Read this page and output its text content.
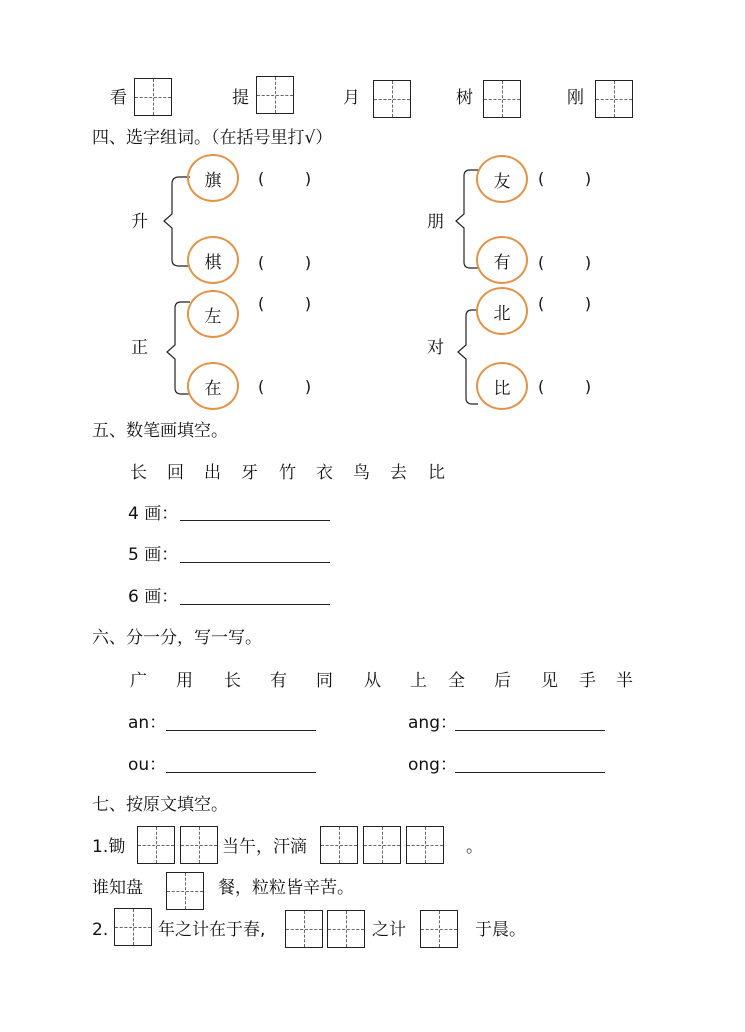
看	提	月	树	刚
四、选字组词。（在括号里打√）
升
旗 (        )
棋 (        )
朋
友 (        )
有 (        )
正
左
(        )
在 (        )
对
北 (        )
比 (        )
五、数笔画填空。
长 回 出 牙 竹 衣 鸟 去 比
4 画：
5 画：
6 画：
六、分一分，写一写。
广 用 长 有 同 从 上 全 后 见 手 半
an：	ang：
ou：	ong：
七、按原文填空。
1.锄	当午，汗滴	。
谁知盘	餐，粒粒皆辛苦。
2.	年之计在于春,	之计	于晨。
